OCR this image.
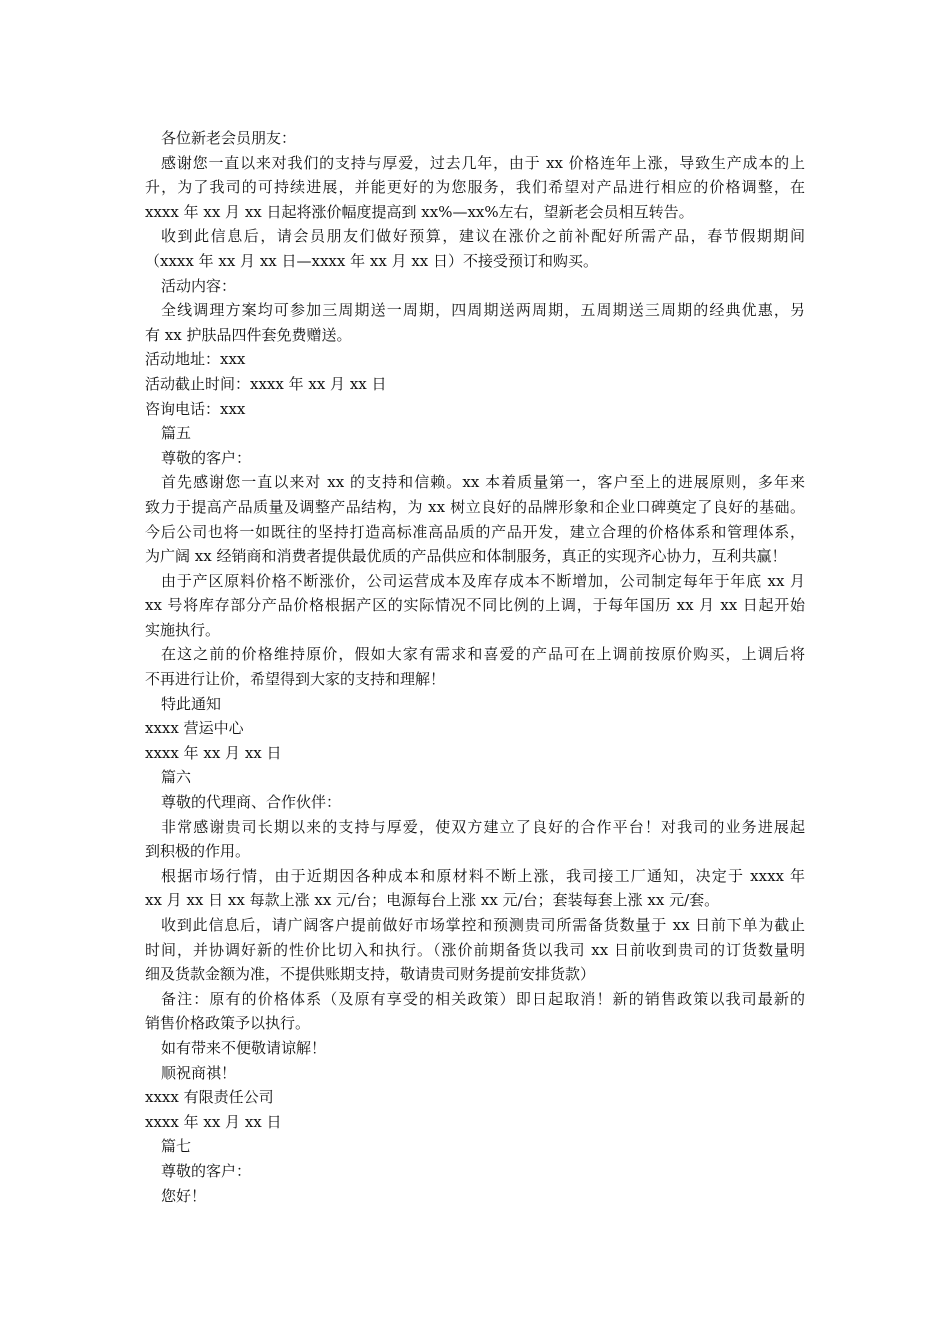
各位新老会员朋友：
感谢您一直以来对我们的支持与厚爱，过去几年，由于 xx 价格连年上涨，导致生产成本的上
升，为了我司的可持续进展，并能更好的为您服务，我们希望对产品进行相应的价格调整，在
xxxx 年 xx 月 xx 日起将涨价幅度提高到 xx%—xx%左右，望新老会员相互转告。
收到此信息后，请会员朋友们做好预算，建议在涨价之前补配好所需产品，春节假期期间
（xxxx 年 xx 月 xx 日—xxxx 年 xx 月 xx 日）不接受预订和购买。
活动内容：
全线调理方案均可参加三周期送一周期，四周期送两周期，五周期送三周期的经典优惠，另
有 xx 护肤品四件套免费赠送。
活动地址：xxx
活动截止时间：xxxx 年 xx 月 xx 日
咨询电话：xxx
篇五
尊敬的客户：
首先感谢您一直以来对 xx 的支持和信赖。xx 本着质量第一，客户至上的进展原则，多年来
致力于提高产品质量及调整产品结构，为 xx 树立良好的品牌形象和企业口碑奠定了良好的基础。
今后公司也将一如既往的坚持打造高标准高品质的产品开发，建立合理的价格体系和管理体系，
为广阔 xx 经销商和消费者提供最优质的产品供应和体制服务，真正的实现齐心协力，互利共赢！
由于产区原料价格不断涨价，公司运营成本及库存成本不断增加，公司制定每年于年底 xx 月
xx 号将库存部分产品价格根据产区的实际情况不同比例的上调，于每年国历 xx 月 xx 日起开始
实施执行。
在这之前的价格维持原价，假如大家有需求和喜爱的产品可在上调前按原价购买，上调后将
不再进行让价，希望得到大家的支持和理解！
特此通知
xxxx 营运中心
xxxx 年 xx 月 xx 日
篇六
尊敬的代理商、合作伙伴：
非常感谢贵司长期以来的支持与厚爱，使双方建立了良好的合作平台！对我司的业务进展起
到积极的作用。
根据市场行情，由于近期因各种成本和原材料不断上涨，我司接工厂通知，决定于 xxxx 年
xx 月 xx 日 xx 每款上涨 xx 元/台；电源每台上涨 xx 元/台；套装每套上涨 xx 元/套。
收到此信息后，请广阔客户提前做好市场掌控和预测贵司所需备货数量于 xx 日前下单为截止
时间，并协调好新的性价比切入和执行。（涨价前期备货以我司 xx 日前收到贵司的订货数量明
细及货款金额为准，不提供账期支持，敬请贵司财务提前安排货款）
备注：原有的价格体系（及原有享受的相关政策）即日起取消！新的销售政策以我司最新的
销售价格政策予以执行。
如有带来不便敬请谅解！
顺祝商祺！
xxxx 有限责任公司
xxxx 年 xx 月 xx 日
篇七
尊敬的客户：
您好！
